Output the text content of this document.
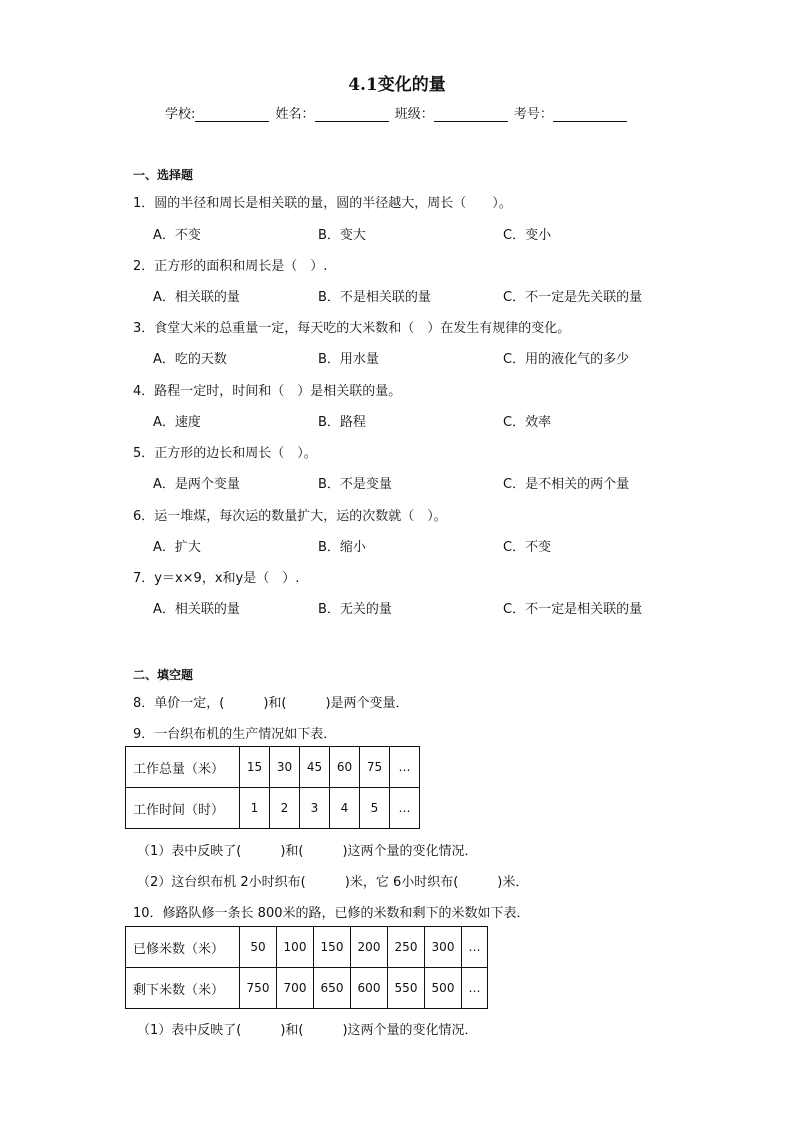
4.1变化的量
学校:	姓名：	班级：	考号：
一、选择题
1．圆的半径和周长是相关联的量，圆的半径越大，周长（　　）。
A．不变	B．变大	C．变小
2．正方形的面积和周长是（　）.
A．相关联的量	B．不是相关联的量	C．不一定是先关联的量
3．食堂大米的总重量一定，每天吃的大米数和（　）在发生有规律的变化。
A．吃的天数	B．用水量	C．用的液化气的多少
4．路程一定时，时间和（　）是相关联的量。
A．速度	B．路程	C．效率
5．正方形的边长和周长（　）。
A．是两个变量	B．不是变量	C．是不相关的两个量
6．运一堆煤，每次运的数量扩大，运的次数就（　）。
A．扩大	B．缩小	C．不变
7．y＝x×9，x和y是（　）.
A．相关联的量	B．无关的量	C．不一定是相关联的量
二、填空题
8．单价一定，(　　　)和(　　　)是两个变量．
9．一台织布机的生产情况如下表．
工作总量（米）	15	30	45	60	75	…
工作时间（时）	1	2	3	4	5	…
（1）表中反映了(　　　)和(　　　)这两个量的变化情况．
（2）这台织布机 2小时织布(　　　)米，它 6小时织布(　　　)米．
10．修路队修一条长 800米的路，已修的米数和剩下的米数如下表．
已修米数（米）	50	100	150	200	250	300	…
剩下米数（米）	750	700	650	600	550	500	…
（1）表中反映了(　　　)和(　　　)这两个量的变化情况．
